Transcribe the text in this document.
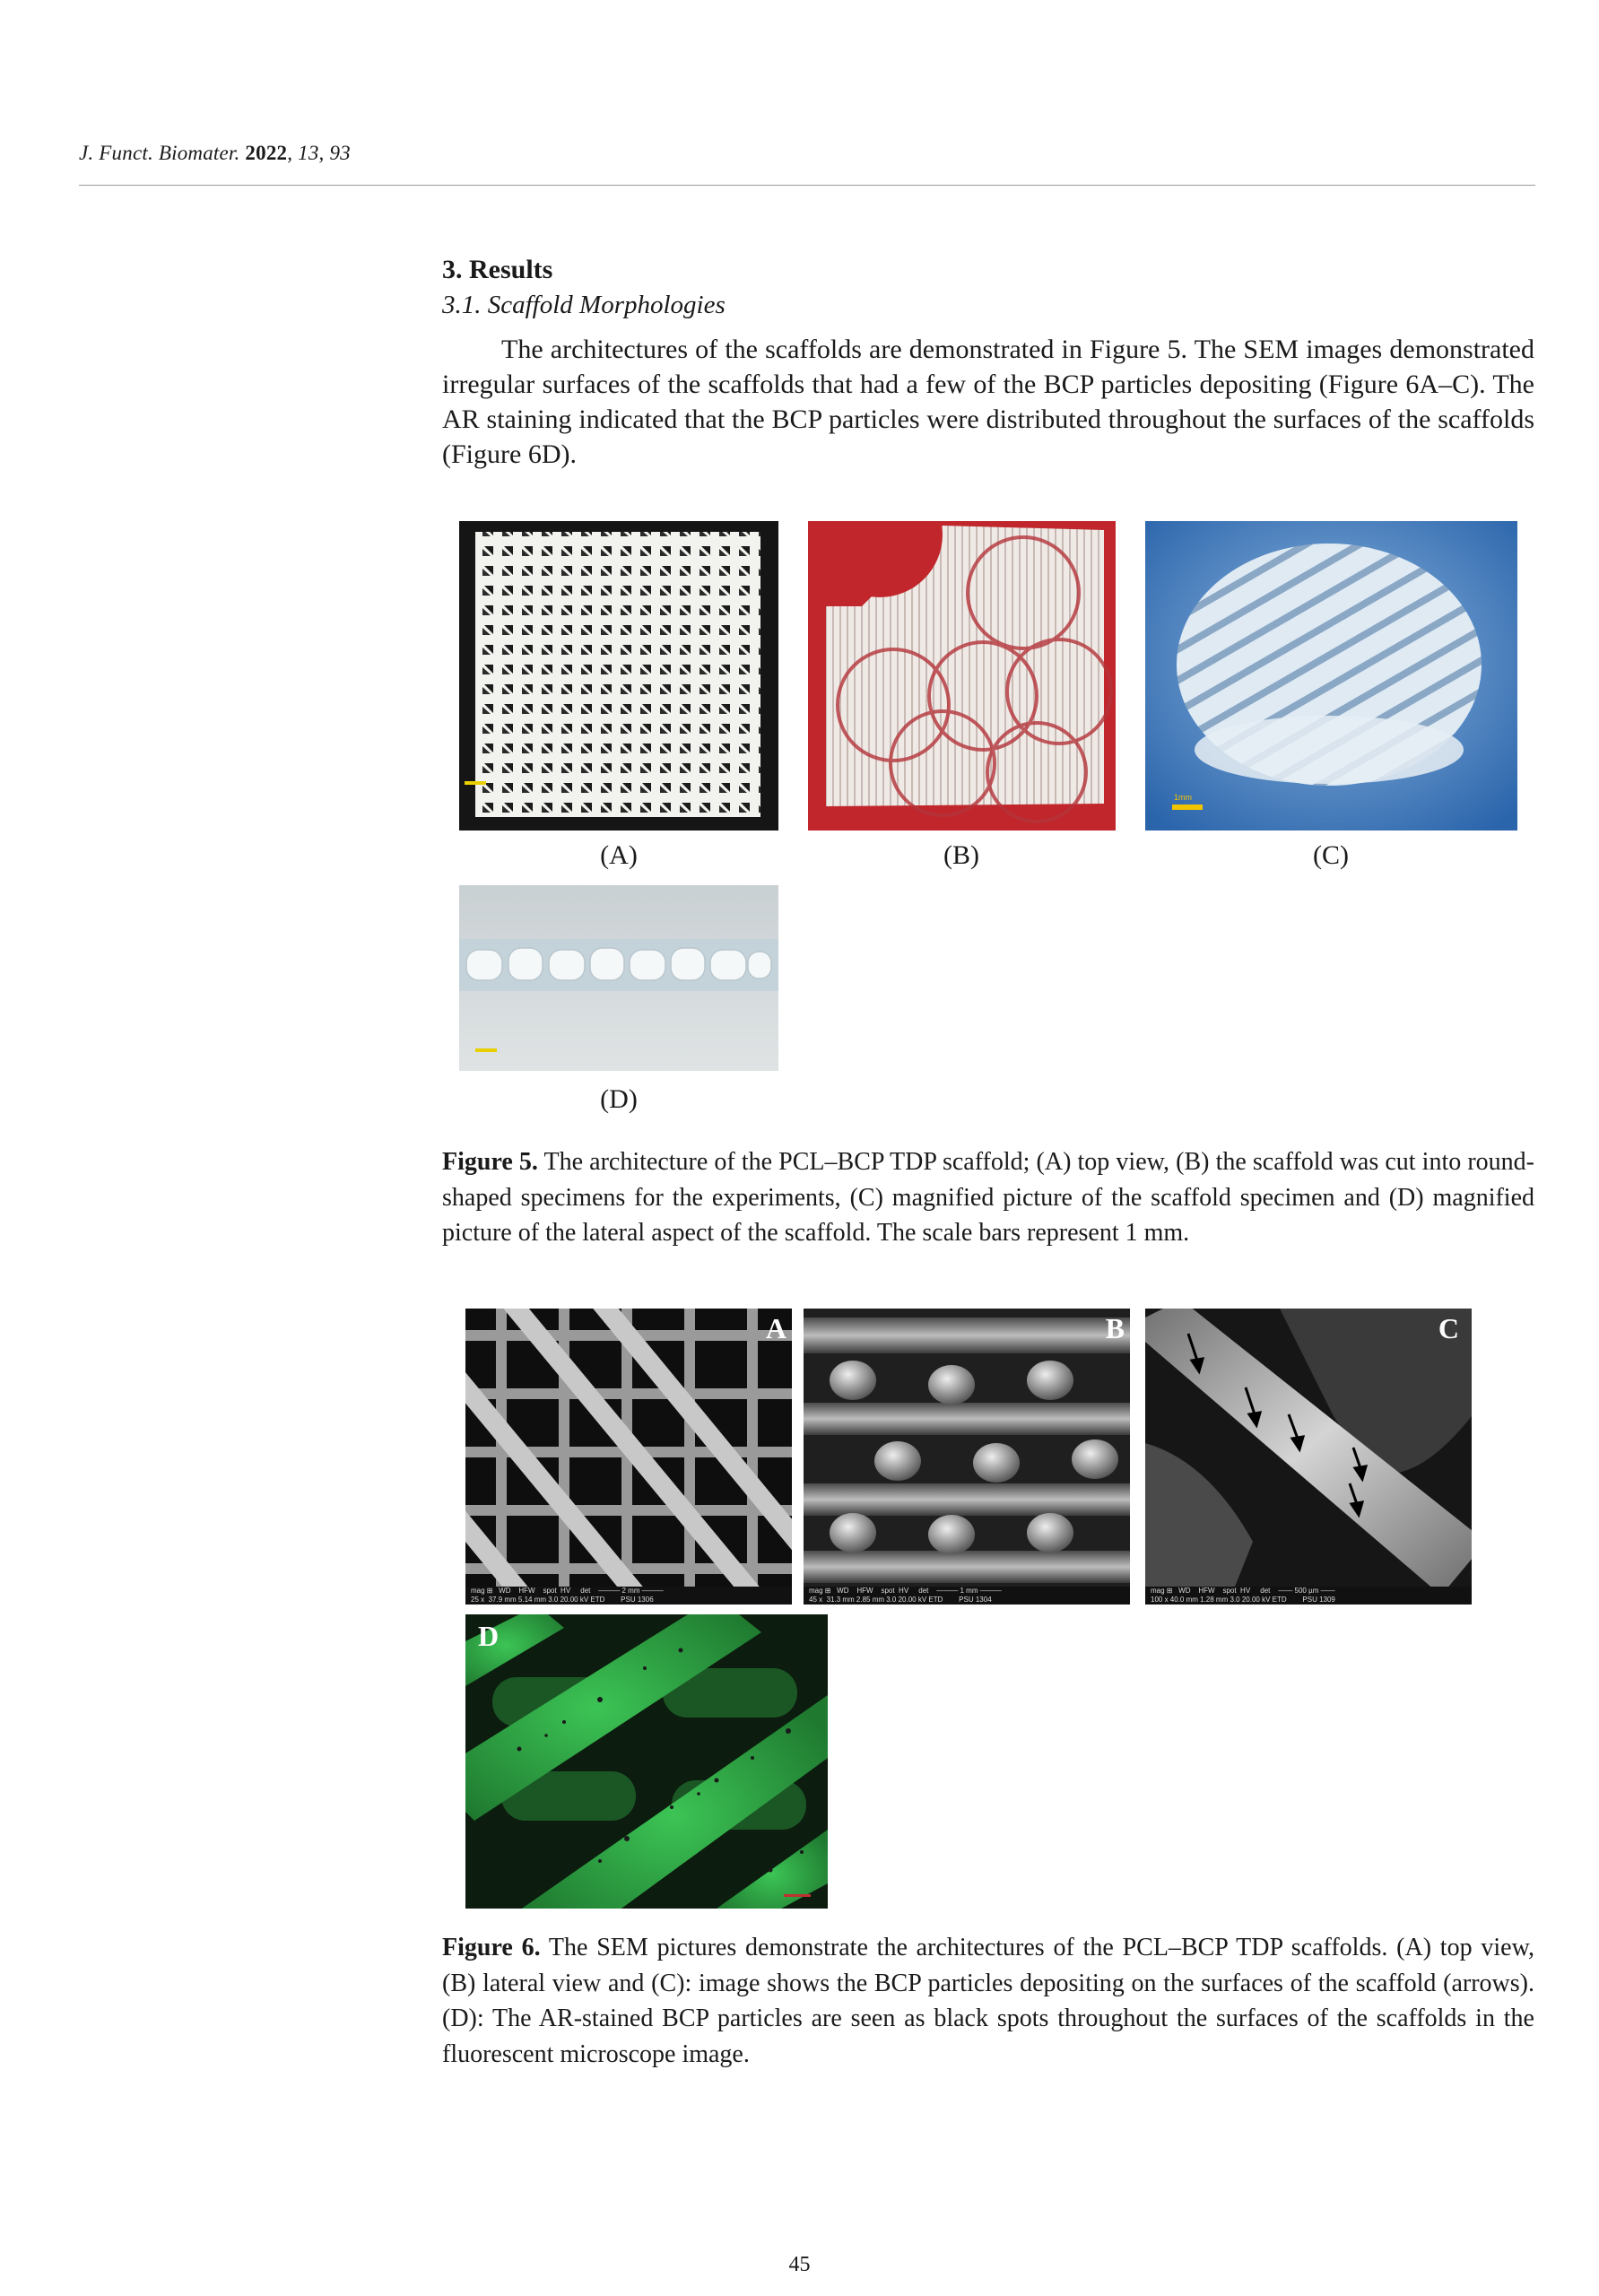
J. Funct. Biomater. 2022, 13, 93
3. Results
3.1. Scaffold Morphologies
The architectures of the scaffolds are demonstrated in Figure 5. The SEM images demonstrated irregular surfaces of the scaffolds that had a few of the BCP particles depositing (Figure 6A–C). The AR staining indicated that the BCP particles were distributed throughout the surfaces of the scaffolds (Figure 6D).
1mm
(A)	(B)	(C)
(D)
Figure 5. The architecture of the PCL–BCP TDP scaffold; (A) top view, (B) the scaffold was cut into round-shaped specimens for the experiments, (C) magnified picture of the scaffold specimen and (D) magnified picture of the lateral aspect of the scaffold. The scale bars represent 1 mm.
A
mag ⊞   WD    HFW    spot  HV     det    ——— 2 mm ———
25 x  37.9 mm 5.14 mm 3.0 20.00 kV ETD        PSU 1306
B
mag ⊞   WD    HFW    spot  HV     det    ——— 1 mm ———
45 x  31.3 mm 2.85 mm 3.0 20.00 kV ETD        PSU 1304
C
mag ⊞   WD    HFW    spot  HV     det    —— 500 µm ——
100 x 40.0 mm 1.28 mm 3.0 20.00 kV ETD        PSU 1309
D
Figure 6. The SEM pictures demonstrate the architectures of the PCL–BCP TDP scaffolds. (A) top view, (B) lateral view and (C): image shows the BCP particles depositing on the surfaces of the scaffold (arrows). (D): The AR-stained BCP particles are seen as black spots throughout the surfaces of the scaffolds in the fluorescent microscope image.
45
